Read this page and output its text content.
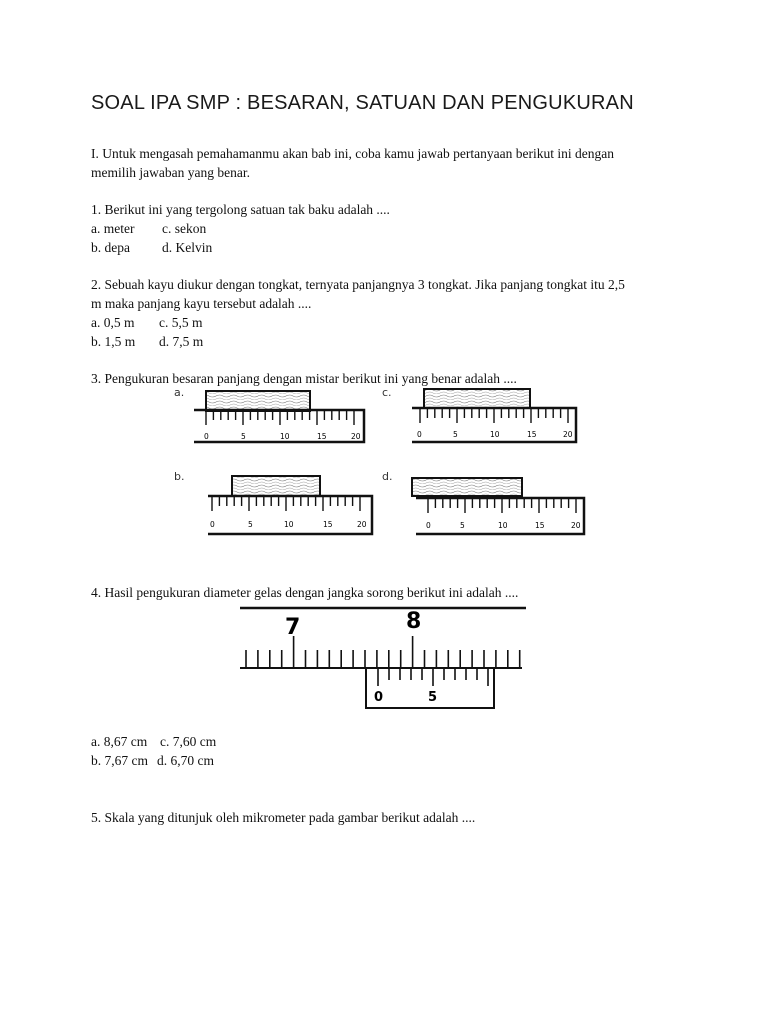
SOAL IPA SMP : BESARAN, SATUAN DAN PENGUKURAN
I. Untuk mengasah pemahamanmu akan bab ini, coba kamu jawab pertanyaan berikut ini dengan
memilih jawaban yang benar.
1. Berikut ini yang tergolong satuan tak baku adalah ....
a. meter c. sekon
b. depa d. Kelvin
2. Sebuah kayu diukur dengan tongkat, ternyata panjangnya 3 tongkat. Jika panjang tongkat itu 2,5
m maka panjang kayu tersebut adalah ....
a. 0,5 m c. 5,5 m
b. 1,5 m d. 7,5 m
3. Pengukuran besaran panjang dengan mistar berikut ini yang benar adalah ....
a.	c.
b.	d.
0	5	10	15	20	0	5	10	15	20
0	5	10	15	20	0	5	10	15	20
4. Hasil pengukuran diameter gelas dengan jangka sorong berikut ini adalah ....
7	8
0	5
a. 8,67 cm c. 7,60 cm
b. 7,67 cm d. 6,70 cm
5. Skala yang ditunjuk oleh mikrometer pada gambar berikut adalah ....
